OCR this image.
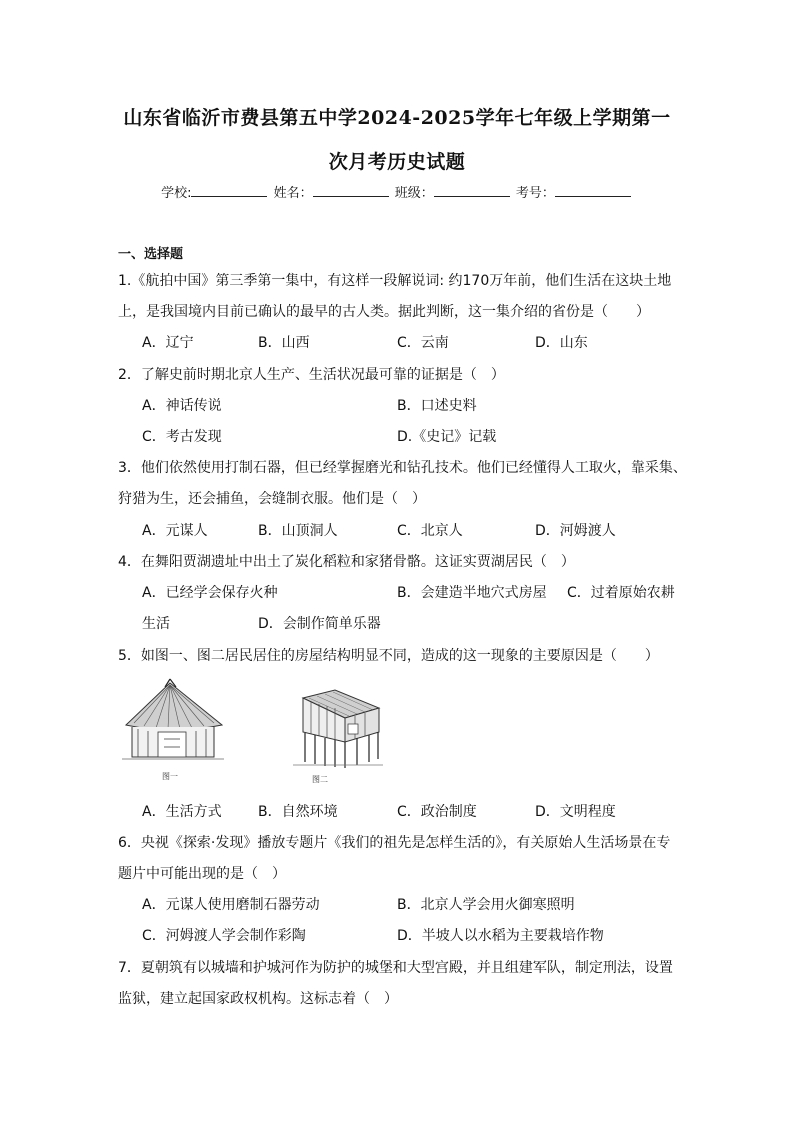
山东省临沂市费县第五中学2024-2025学年七年级上学期第一
次月考历史试题
学校:	姓名：	班级：	考号：
一、选择题
1.《航拍中国》第三季第一集中，有这样一段解说词: 约170万年前，他们生活在这块土地
上，是我国境内目前已确认的最早的古人类。据此判断，这一集介绍的省份是（　　）
A．辽宁	B．山西	C．云南	D．山东
2．了解史前时期北京人生产、生活状况最可靠的证据是（　）
A．神话传说	B．口述史料
C．考古发现	D.《史记》记载
3．他们依然使用打制石器，但已经掌握磨光和钻孔技术。他们已经懂得人工取火，靠采集、
狩猎为生，还会捕鱼，会缝制衣服。他们是（　）
A．元谋人	B．山顶洞人	C．北京人	D．河姆渡人
4．在舞阳贾湖遗址中出土了炭化稻粒和家猪骨骼。这证实贾湖居民（　）
A．已经学会保存火种	B．会建造半地穴式房屋 C．过着原始农耕
生活	D．会制作简单乐器
5．如图一、图二居民居住的房屋结构明显不同，造成的这一现象的主要原因是（　　）
图一	图二
A．生活方式	B．自然环境	C．政治制度	D．文明程度
6．央视《探索·发现》播放专题片《我们的祖先是怎样生活的》，有关原始人生活场景在专
题片中可能出现的是（　）
A．元谋人使用磨制石器劳动	B．北京人学会用火御寒照明
C．河姆渡人学会制作彩陶	D．半坡人以水稻为主要栽培作物
7．夏朝筑有以城墙和护城河作为防护的城堡和大型宫殿，并且组建军队，制定刑法，设置
监狱，建立起国家政权机构。这标志着（　）
